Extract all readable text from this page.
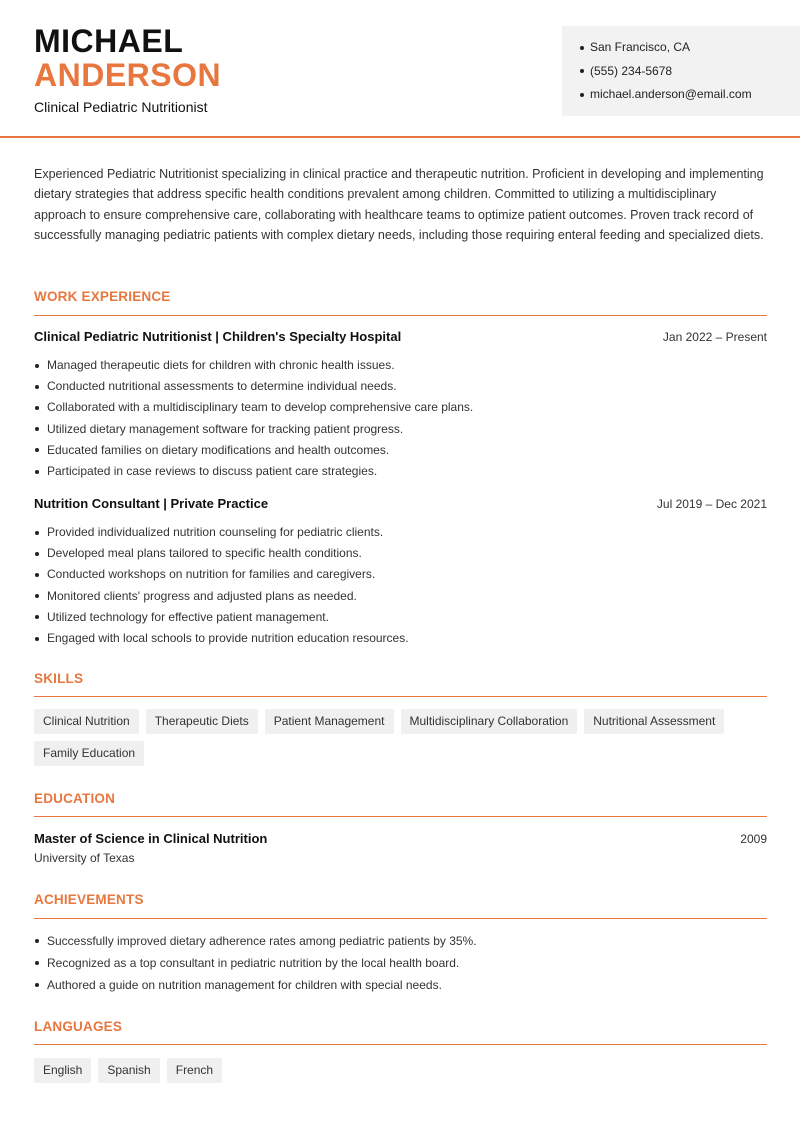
MICHAEL
ANDERSON
Clinical Pediatric Nutritionist
San Francisco, CA
(555) 234-5678
michael.anderson@email.com

Experienced Pediatric Nutritionist specializing in clinical practice and therapeutic nutrition. Proficient in developing and implementing dietary strategies that address specific health conditions prevalent among children. Committed to utilizing a multidisciplinary approach to ensure comprehensive care, collaborating with healthcare teams to optimize patient outcomes. Proven track record of successfully managing pediatric patients with complex dietary needs, including those requiring enteral feeding and specialized diets.

WORK EXPERIENCE
Clinical Pediatric Nutritionist | Children's Specialty Hospital	Jan 2022 – Present
Managed therapeutic diets for children with chronic health issues.
Conducted nutritional assessments to determine individual needs.
Collaborated with a multidisciplinary team to develop comprehensive care plans.
Utilized dietary management software for tracking patient progress.
Educated families on dietary modifications and health outcomes.
Participated in case reviews to discuss patient care strategies.
Nutrition Consultant | Private Practice	Jul 2019 – Dec 2021
Provided individualized nutrition counseling for pediatric clients.
Developed meal plans tailored to specific health conditions.
Conducted workshops on nutrition for families and caregivers.
Monitored clients' progress and adjusted plans as needed.
Utilized technology for effective patient management.
Engaged with local schools to provide nutrition education resources.
SKILLS
Clinical Nutrition	Therapeutic Diets	Patient Management	Multidisciplinary Collaboration	Nutritional Assessment
Family Education
EDUCATION
Master of Science in Clinical Nutrition	2009
University of Texas
ACHIEVEMENTS
Successfully improved dietary adherence rates among pediatric patients by 35%.
Recognized as a top consultant in pediatric nutrition by the local health board.
Authored a guide on nutrition management for children with special needs.
LANGUAGES
English	Spanish	French
